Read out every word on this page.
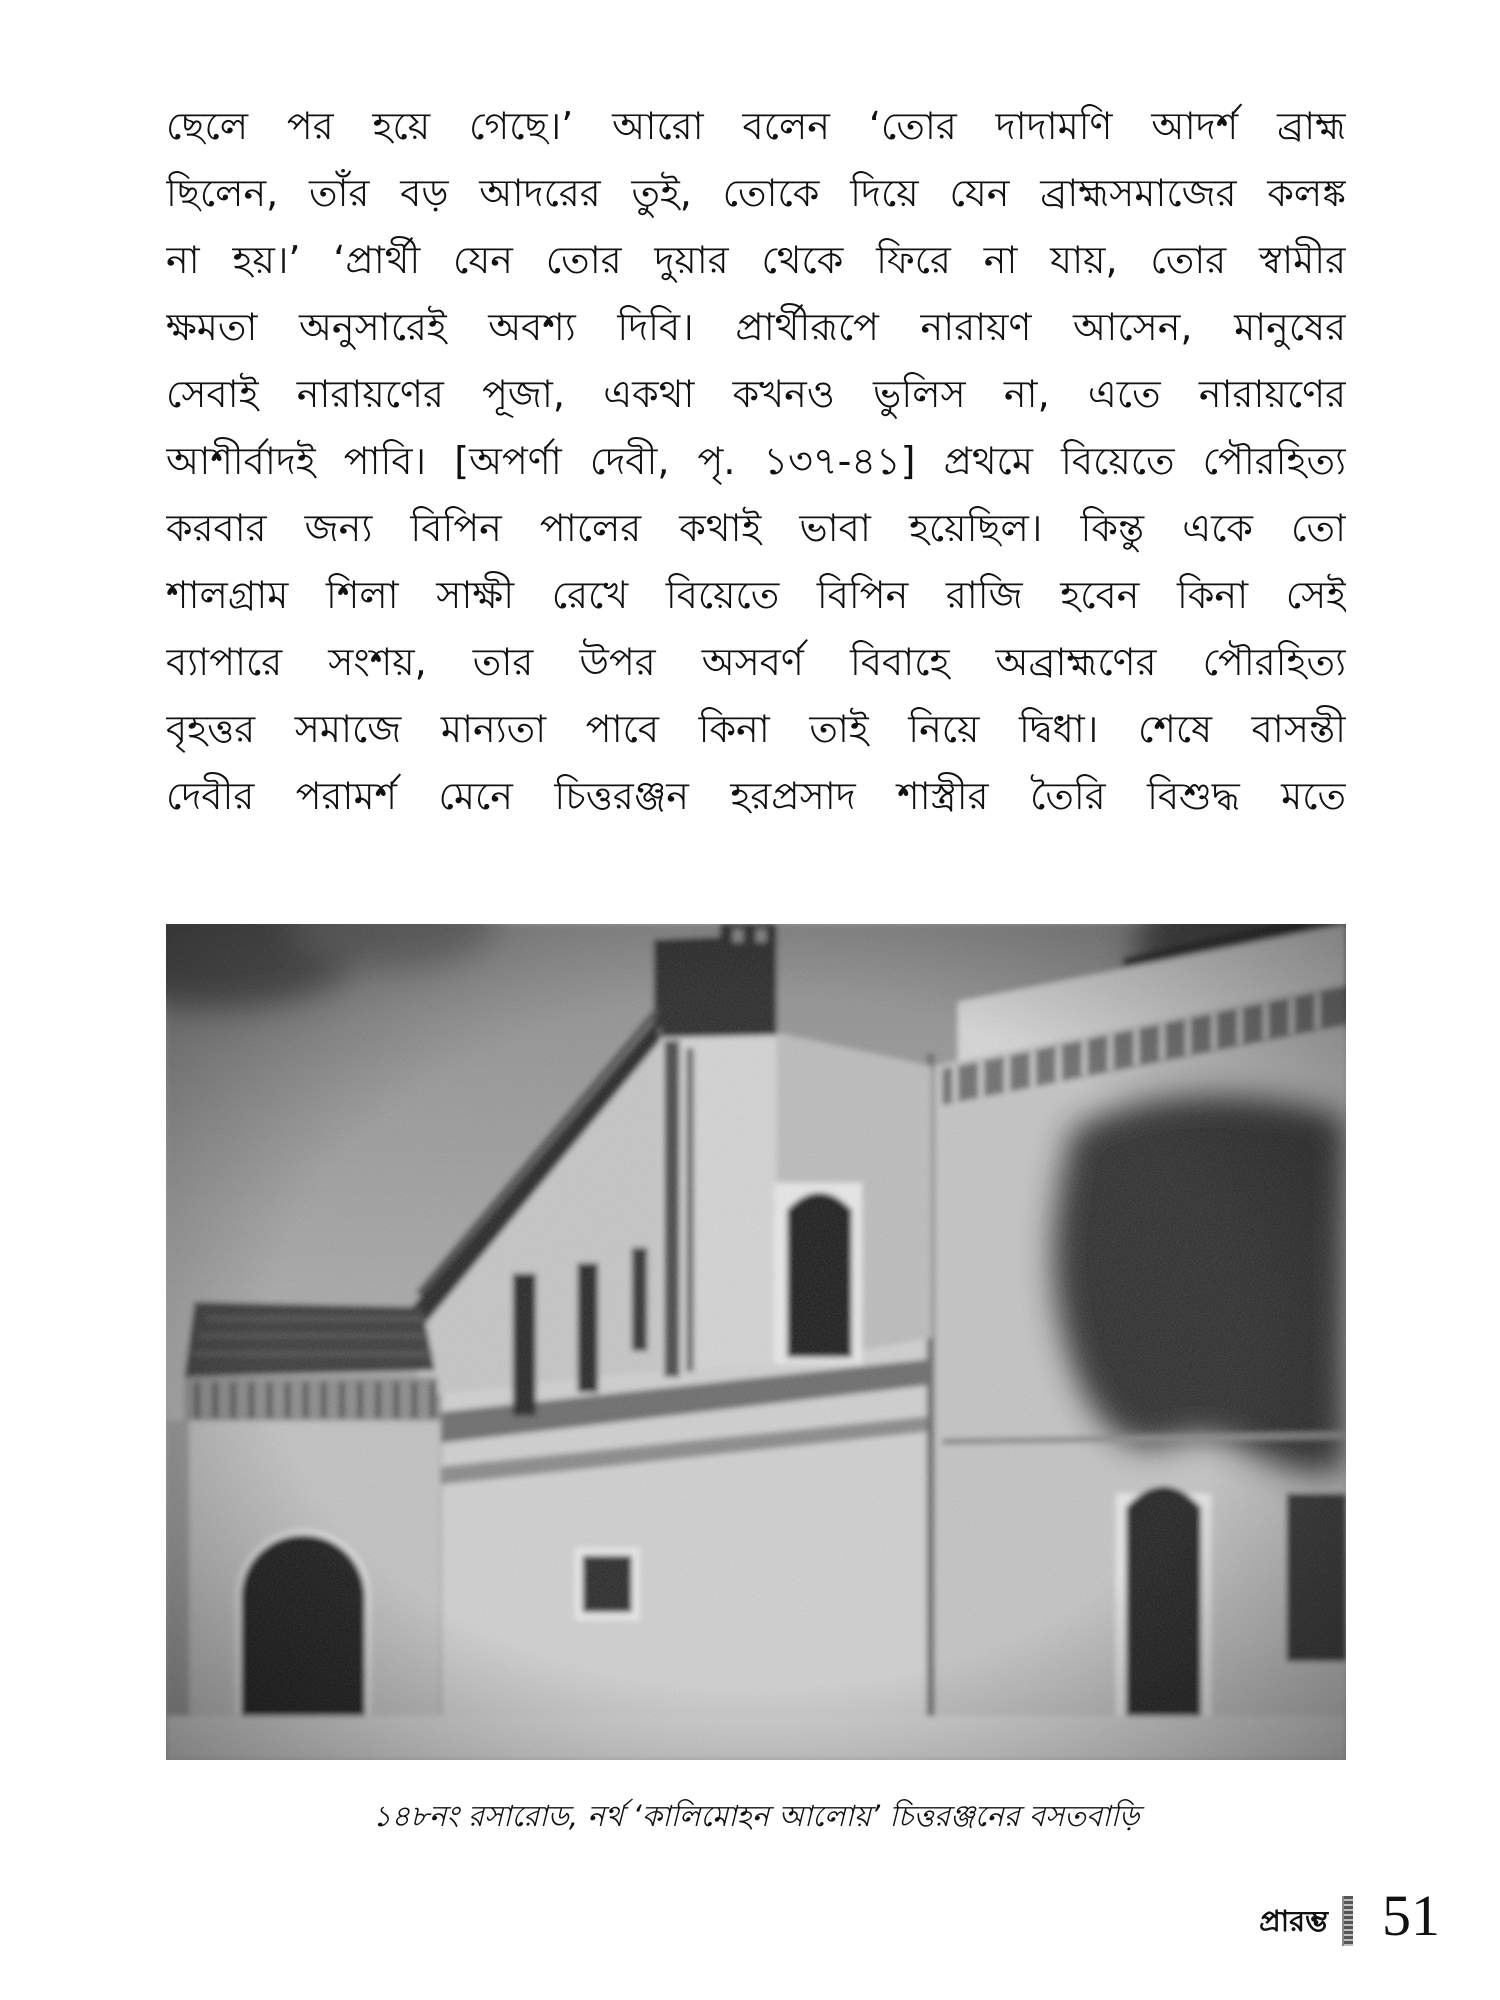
ছেলে পর হয়ে গেছে।’ আরো বলেন ‘তোর দাদামণি আদর্শ ব্রাহ্ম
ছিলেন, তাঁর বড় আদরের তুই, তোকে দিয়ে যেন ব্রাহ্মসমাজের কলঙ্ক
না হয়।’ ‘প্রার্থী যেন তোর দুয়ার থেকে ফিরে না যায়, তোর স্বামীর
ক্ষমতা অনুসারেই অবশ্য দিবি। প্রার্থীরূপে নারায়ণ আসেন, মানুষের
সেবাই নারায়ণের পূজা, একথা কখনও ভুলিস না, এতে নারায়ণের
আশীর্বাদই পাবি। [অপর্ণা দেবী, পৃ. ১৩৭-৪১] প্রথমে বিয়েতে পৌরহিত্য
করবার জন্য বিপিন পালের কথাই ভাবা হয়েছিল। কিন্তু একে তো
শালগ্রাম শিলা সাক্ষী রেখে বিয়েতে বিপিন রাজি হবেন কিনা সেই
ব্যাপারে সংশয়, তার উপর অসবর্ণ বিবাহে অব্রাহ্মণের পৌরহিত্য
বৃহত্তর সমাজে মান্যতা পাবে কিনা তাই নিয়ে দ্বিধা। শেষে বাসন্তী
দেবীর পরামর্শ মেনে চিত্তরঞ্জন হরপ্রসাদ শাস্ত্রীর তৈরি বিশুদ্ধ মতে
১৪৮নং রসারোড, নর্থ ‘কালিমোহন আলোয়’ চিত্তরঞ্জনের বসতবাড়ি
প্রারম্ভ 51
